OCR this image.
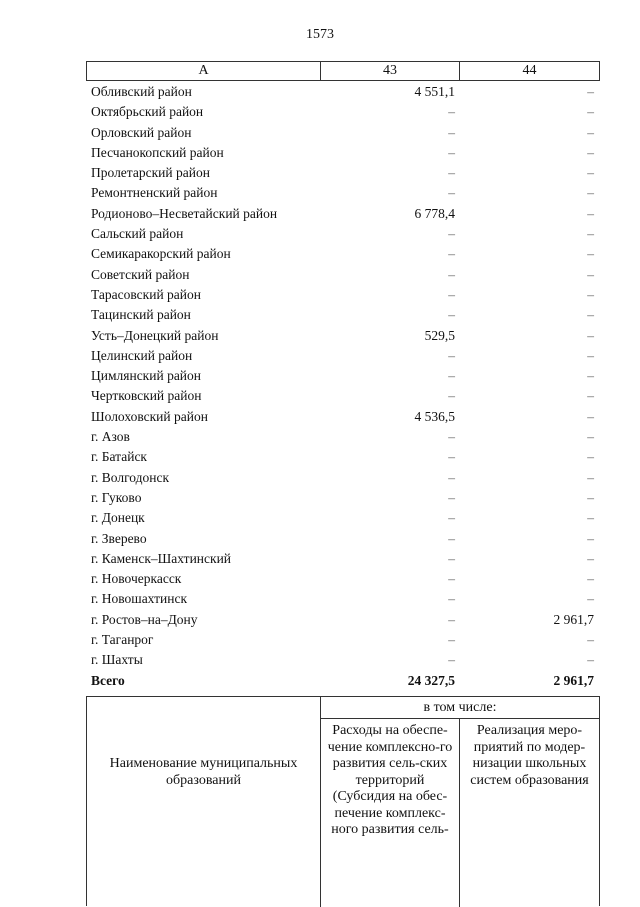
1573
А	43	44
Обливский район	4 551,1	–
Октябрьский район	–	–
Орловский район	–	–
Песчанокопский район	–	–
Пролетарский район	–	–
Ремонтненский район	–	–
Родионово–Несветайский район	6 778,4	–
Сальский район	–	–
Семикаракорский район	–	–
Советский район	–	–
Тарасовский район	–	–
Тацинский район	–	–
Усть–Донецкий район	529,5	–
Целинский район	–	–
Цимлянский район	–	–
Чертковский район	–	–
Шолоховский район	4 536,5	–
г. Азов	–	–
г. Батайск	–	–
г. Волгодонск	–	–
г. Гуково	–	–
г. Донецк	–	–
г. Зверево	–	–
г. Каменск–Шахтинский	–	–
г. Новочеркасск	–	–
г. Новошахтинск	–	–
г. Ростов–на–Дону	–	2 961,7
г. Таганрог	–	–
г. Шахты	–	–
Всего	24 327,5	2 961,7
Наименование муниципальных образований
в том числе:
Расходы на обеспе-чение комплексно-го развития сель-ских территорий (Субсидия на обес-печение комплекс-ного развития сель-
Реализация меро-приятий по модер-низации школьных систем образования
